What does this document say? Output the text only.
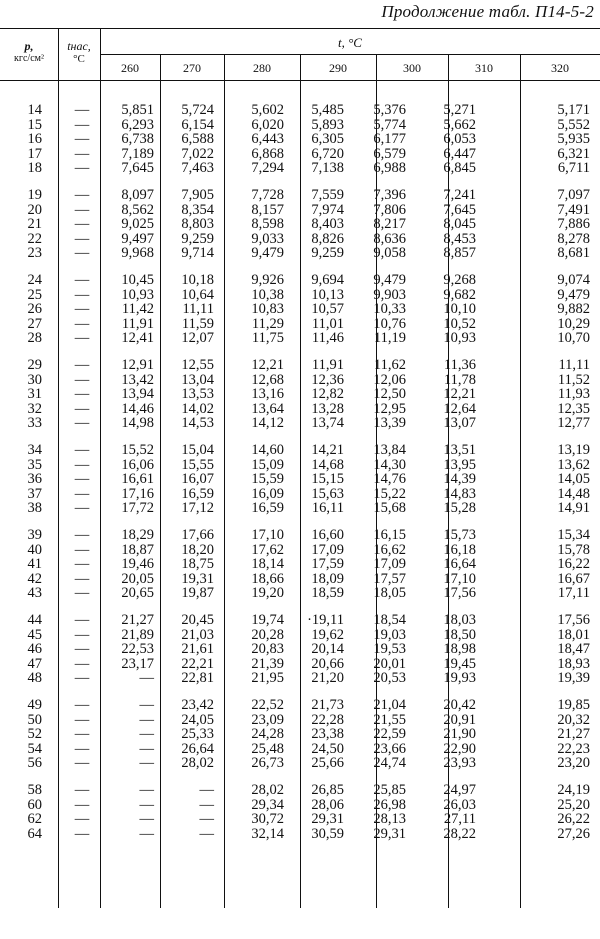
Продолжение табл. П14-5-2
p,
кгс/см²
tнас,
°C
t, °C
260	270	280	290	300	310	320
14	—	5,851	5,724	5,602	5,485	5,376	5,271	5,171
15	—	6,293	6,154	6,020	5,893	5,774	5,662	5,552
16	—	6,738	6,588	6,443	6,305	6,177	6,053	5,935
17	—	7,189	7,022	6,868	6,720	6,579	6,447	6,321
18	—	7,645	7,463	7,294	7,138	6,988	6,845	6,711
19	—	8,097	7,905	7,728	7,559	7,396	7,241	7,097
20	—	8,562	8,354	8,157	7,974	7,806	7,645	7,491
21	—	9,025	8,803	8,598	8,403	8,217	8,045	7,886
22	—	9,497	9,259	9,033	8,826	8,636	8,453	8,278
23	—	9,968	9,714	9,479	9,259	9,058	8,857	8,681
24	—	10,45	10,18	9,926	9,694	9,479	9,268	9,074
25	—	10,93	10,64	10,38	10,13	9,903	9,682	9,479
26	—	11,42	11,11	10,83	10,57	10,33	10,10	9,882
27	—	11,91	11,59	11,29	11,01	10,76	10,52	10,29
28	—	12,41	12,07	11,75	11,46	11,19	10,93	10,70
29	—	12,91	12,55	12,21	11,91	11,62	11,36	11,11
30	—	13,42	13,04	12,68	12,36	12,06	11,78	11,52
31	—	13,94	13,53	13,16	12,82	12,50	12,21	11,93
32	—	14,46	14,02	13,64	13,28	12,95	12,64	12,35
33	—	14,98	14,53	14,12	13,74	13,39	13,07	12,77
34	—	15,52	15,04	14,60	14,21	13,84	13,51	13,19
35	—	16,06	15,55	15,09	14,68	14,30	13,95	13,62
36	—	16,61	16,07	15,59	15,15	14,76	14,39	14,05
37	—	17,16	16,59	16,09	15,63	15,22	14,83	14,48
38	—	17,72	17,12	16,59	16,11	15,68	15,28	14,91
39	—	18,29	17,66	17,10	16,60	16,15	15,73	15,34
40	—	18,87	18,20	17,62	17,09	16,62	16,18	15,78
41	—	19,46	18,75	18,14	17,59	17,09	16,64	16,22
42	—	20,05	19,31	18,66	18,09	17,57	17,10	16,67
43	—	20,65	19,87	19,20	18,59	18,05	17,56	17,11
44	—	21,27	20,45	19,74	·19,11	18,54	18,03	17,56
45	—	21,89	21,03	20,28	19,62	19,03	18,50	18,01
46	—	22,53	21,61	20,83	20,14	19,53	18,98	18,47
47	—	23,17	22,21	21,39	20,66	20,01	19,45	18,93
48	—	—	22,81	21,95	21,20	20,53	19,93	19,39
49	—	—	23,42	22,52	21,73	21,04	20,42	19,85
50	—	—	24,05	23,09	22,28	21,55	20,91	20,32
52	—	—	25,33	24,28	23,38	22,59	21,90	21,27
54	—	—	26,64	25,48	24,50	23,66	22,90	22,23
56	—	—	28,02	26,73	25,66	24,74	23,93	23,20
58	—	—	—	28,02	26,85	25,85	24,97	24,19
60	—	—	—	29,34	28,06	26,98	26,03	25,20
62	—	—	—	30,72	29,31	28,13	27,11	26,22
64	—	—	—	32,14	30,59	29,31	28,22	27,26
